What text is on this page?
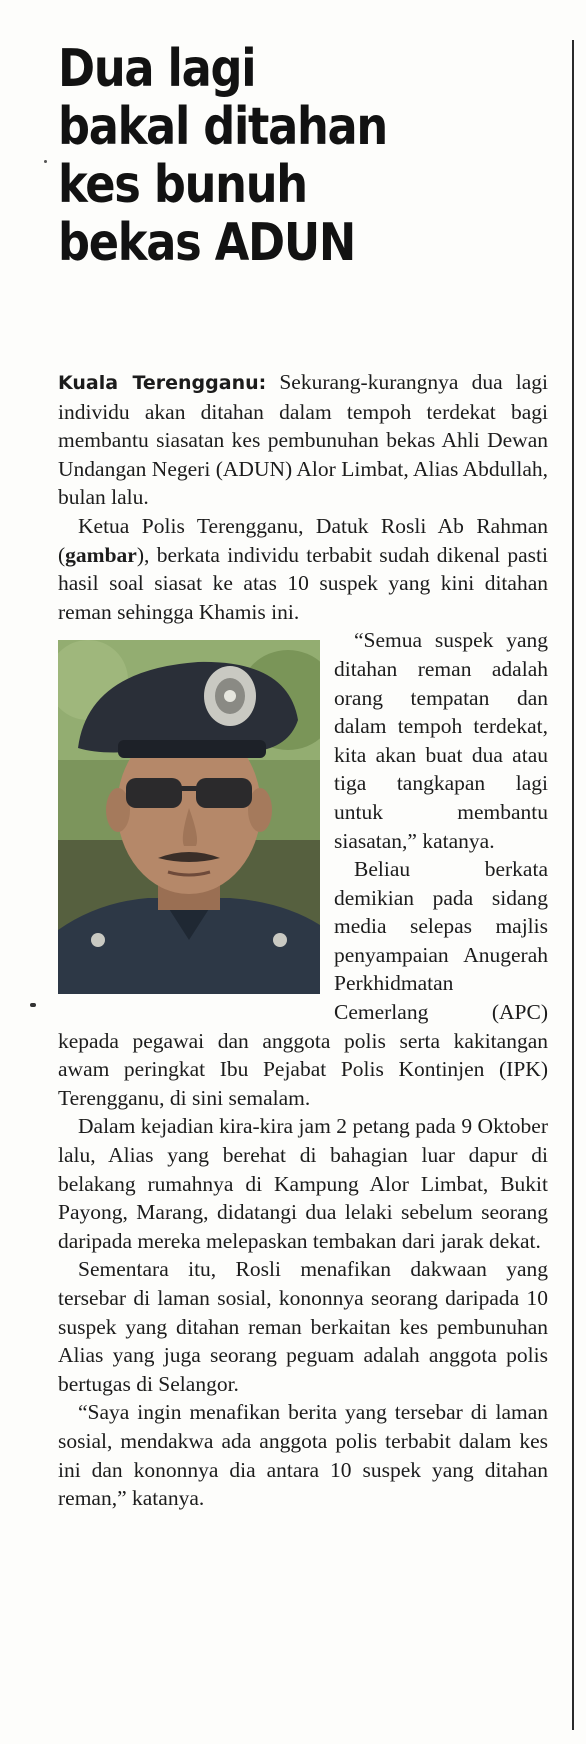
Dua lagi
bakal ditahan
kes bunuh
bekas ADUN

Kuala Terengganu: Sekurang-kurangnya dua lagi individu akan ditahan dalam tempoh terdekat bagi membantu siasatan kes pembunuhan bekas Ahli Dewan Undangan Negeri (ADUN) Alor Limbat, Alias Abdullah, bulan lalu.

Ketua Polis Terengganu, Datuk Rosli Ab Rahman (gambar), berkata individu terbabit sudah dikenal pasti hasil soal siasat ke atas 10 suspek yang kini ditahan reman sehingga Khamis ini.

“Semua suspek yang ditahan reman adalah orang tempatan dan dalam tempoh terdekat, kita akan buat dua atau tiga tangkapan lagi untuk membantu siasatan,” katanya.

Beliau berkata demikian pada sidang media selepas majlis penyampaian Anugerah Perkhidmatan Cemerlang (APC) kepada pegawai dan anggota polis serta kakitangan awam peringkat Ibu Pejabat Polis Kontinjen (IPK) Terengganu, di sini semalam.

Dalam kejadian kira-kira jam 2 petang pada 9 Oktober lalu, Alias yang berehat di bahagian luar dapur di belakang rumahnya di Kampung Alor Limbat, Bukit Payong, Marang, didatangi dua lelaki sebelum seorang daripada mereka melepaskan tembakan dari jarak dekat.

Sementara itu, Rosli menafikan dakwaan yang tersebar di laman sosial, kononnya seorang daripada 10 suspek yang ditahan reman berkaitan kes pembunuhan Alias yang juga seorang peguam adalah anggota polis bertugas di Selangor.

“Saya ingin menafikan berita yang tersebar di laman sosial, mendakwa ada anggota polis terbabit dalam kes ini dan kononnya dia antara 10 suspek yang ditahan reman,” katanya.
